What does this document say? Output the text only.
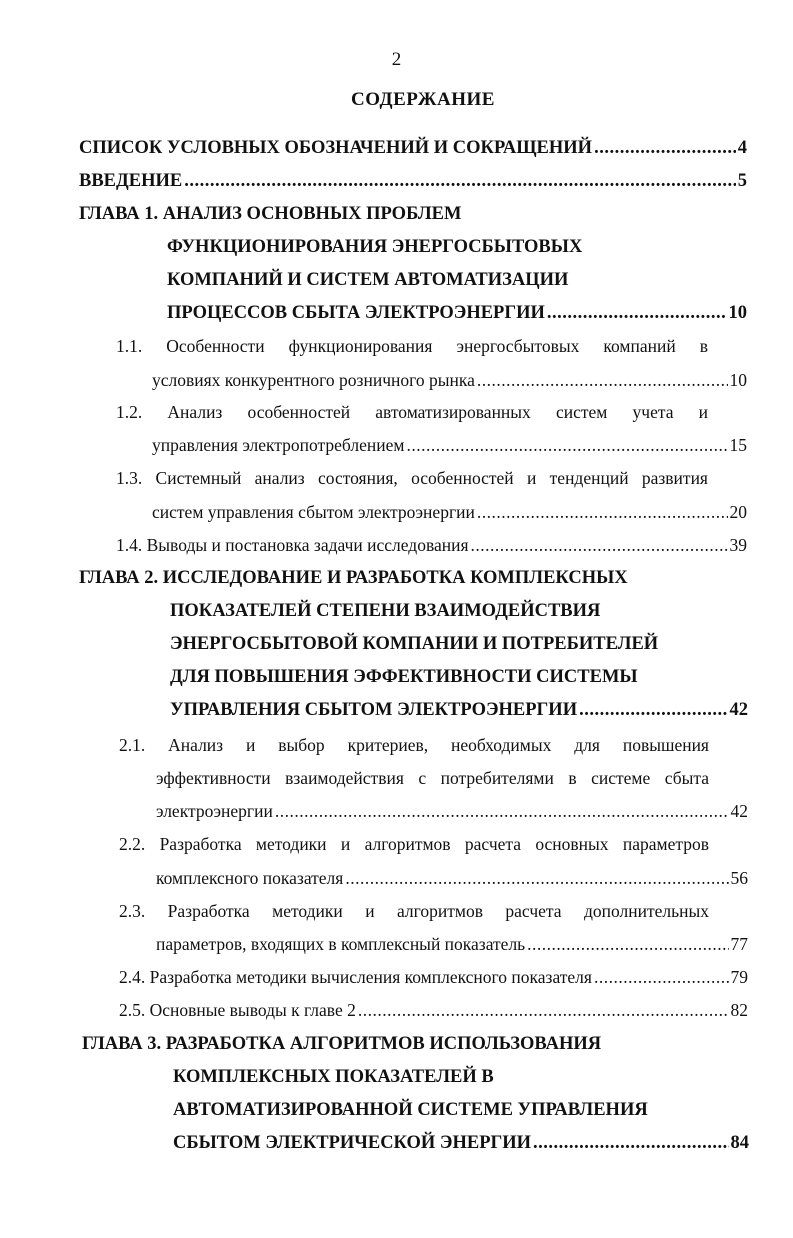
2
СОДЕРЖАНИЕ
СПИСОК УСЛОВНЫХ ОБОЗНАЧЕНИЙ И СОКРАЩЕНИЙ .....	4
ВВЕДЕНИЕ .....	5
ГЛАВА 1. АНАЛИЗ ОСНОВНЫХ ПРОБЛЕМ
ФУНКЦИОНИРОВАНИЯ ЭНЕРГОСБЫТОВЫХ
КОМПАНИЙ И СИСТЕМ АВТОМАТИЗАЦИИ
ПРОЦЕССОВ СБЫТА ЭЛЕКТРОЭНЕРГИИ .....	10
1.1. Особенности функционирования энергосбытовых компаний в
условиях конкурентного розничного рынка .....	10
1.2. Анализ особенностей автоматизированных систем учета и
управления электропотреблением .....	15
1.3. Системный анализ состояния, особенностей и тенденций развития
систем управления сбытом электроэнергии .....	20
1.4. Выводы и постановка задачи исследования .....	39
ГЛАВА 2. ИССЛЕДОВАНИЕ И РАЗРАБОТКА КОМПЛЕКСНЫХ
ПОКАЗАТЕЛЕЙ СТЕПЕНИ ВЗАИМОДЕЙСТВИЯ
ЭНЕРГОСБЫТОВОЙ КОМПАНИИ И ПОТРЕБИТЕЛЕЙ
ДЛЯ ПОВЫШЕНИЯ ЭФФЕКТИВНОСТИ СИСТЕМЫ
УПРАВЛЕНИЯ СБЫТОМ ЭЛЕКТРОЭНЕРГИИ .....	42
2.1. Анализ и выбор критериев, необходимых для повышения
эффективности взаимодействия с потребителями в системе сбыта
электроэнергии .....	42
2.2. Разработка методики и алгоритмов расчета основных параметров
комплексного показателя .....	56
2.3. Разработка методики и алгоритмов расчета дополнительных
параметров, входящих в комплексный показатель .....	77
2.4. Разработка методики вычисления комплексного показателя .....	79
2.5. Основные выводы к главе 2 .....	82
ГЛАВА 3. РАЗРАБОТКА АЛГОРИТМОВ ИСПОЛЬЗОВАНИЯ
КОМПЛЕКСНЫХ ПОКАЗАТЕЛЕЙ В
АВТОМАТИЗИРОВАННОЙ СИСТЕМЕ УПРАВЛЕНИЯ
СБЫТОМ ЭЛЕКТРИЧЕСКОЙ ЭНЕРГИИ .....	84
